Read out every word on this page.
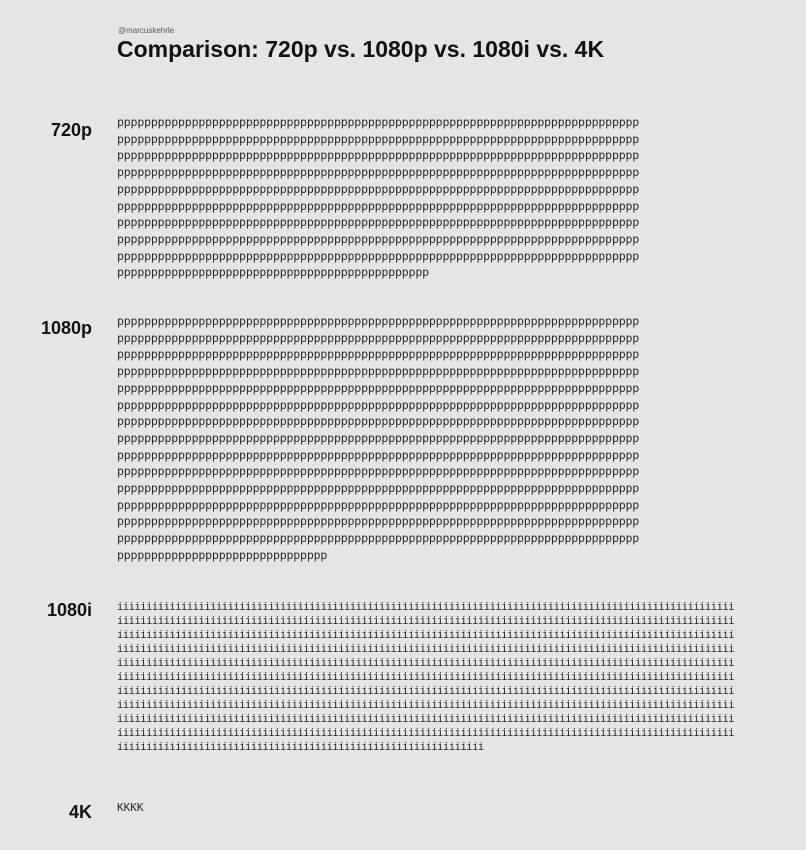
@marcuskehrle
Comparison: 720p vs. 1080p vs. 1080i vs. 4K
720p ppppppppppppppppppppppppppppppppppppppppppppppppppppppppppppppppppppppppppppp
ppppppppppppppppppppppppppppppppppppppppppppppppppppppppppppppppppppppppppppp
ppppppppppppppppppppppppppppppppppppppppppppppppppppppppppppppppppppppppppppp
ppppppppppppppppppppppppppppppppppppppppppppppppppppppppppppppppppppppppppppp
ppppppppppppppppppppppppppppppppppppppppppppppppppppppppppppppppppppppppppppp
ppppppppppppppppppppppppppppppppppppppppppppppppppppppppppppppppppppppppppppp
ppppppppppppppppppppppppppppppppppppppppppppppppppppppppppppppppppppppppppppp
ppppppppppppppppppppppppppppppppppppppppppppppppppppppppppppppppppppppppppppp
ppppppppppppppppppppppppppppppppppppppppppppppppppppppppppppppppppppppppppppp
pppppppppppppppppppppppppppppppppppppppppppppp
1080p ppppppppppppppppppppppppppppppppppppppppppppppppppppppppppppppppppppppppppppp
ppppppppppppppppppppppppppppppppppppppppppppppppppppppppppppppppppppppppppppp
ppppppppppppppppppppppppppppppppppppppppppppppppppppppppppppppppppppppppppppp
ppppppppppppppppppppppppppppppppppppppppppppppppppppppppppppppppppppppppppppp
ppppppppppppppppppppppppppppppppppppppppppppppppppppppppppppppppppppppppppppp
ppppppppppppppppppppppppppppppppppppppppppppppppppppppppppppppppppppppppppppp
ppppppppppppppppppppppppppppppppppppppppppppppppppppppppppppppppppppppppppppp
ppppppppppppppppppppppppppppppppppppppppppppppppppppppppppppppppppppppppppppp
ppppppppppppppppppppppppppppppppppppppppppppppppppppppppppppppppppppppppppppp
ppppppppppppppppppppppppppppppppppppppppppppppppppppppppppppppppppppppppppppp
ppppppppppppppppppppppppppppppppppppppppppppppppppppppppppppppppppppppppppppp
ppppppppppppppppppppppppppppppppppppppppppppppppppppppppppppppppppppppppppppp
ppppppppppppppppppppppppppppppppppppppppppppppppppppppppppppppppppppppppppppp
ppppppppppppppppppppppppppppppppppppppppppppppppppppppppppppppppppppppppppppp
ppppppppppppppppppppppppppppppp
1080i iiiiiiiiiiiiiiiiiiiiiiiiiiiiiiiiiiiiiiiiiiiiiiiiiiiiiiiiiiiiiiiiiiiiiiiiiiiiiiiiiiiiiiiiiiiiiiiiiiiiiiiiii
iiiiiiiiiiiiiiiiiiiiiiiiiiiiiiiiiiiiiiiiiiiiiiiiiiiiiiiiiiiiiiiiiiiiiiiiiiiiiiiiiiiiiiiiiiiiiiiiiiiiiiiiii
iiiiiiiiiiiiiiiiiiiiiiiiiiiiiiiiiiiiiiiiiiiiiiiiiiiiiiiiiiiiiiiiiiiiiiiiiiiiiiiiiiiiiiiiiiiiiiiiiiiiiiiiii
iiiiiiiiiiiiiiiiiiiiiiiiiiiiiiiiiiiiiiiiiiiiiiiiiiiiiiiiiiiiiiiiiiiiiiiiiiiiiiiiiiiiiiiiiiiiiiiiiiiiiiiiii
iiiiiiiiiiiiiiiiiiiiiiiiiiiiiiiiiiiiiiiiiiiiiiiiiiiiiiiiiiiiiiiiiiiiiiiiiiiiiiiiiiiiiiiiiiiiiiiiiiiiiiiiii
iiiiiiiiiiiiiiiiiiiiiiiiiiiiiiiiiiiiiiiiiiiiiiiiiiiiiiiiiiiiiiiiiiiiiiiiiiiiiiiiiiiiiiiiiiiiiiiiiiiiiiiiii
iiiiiiiiiiiiiiiiiiiiiiiiiiiiiiiiiiiiiiiiiiiiiiiiiiiiiiiiiiiiiiiiiiiiiiiiiiiiiiiiiiiiiiiiiiiiiiiiiiiiiiiiii
iiiiiiiiiiiiiiiiiiiiiiiiiiiiiiiiiiiiiiiiiiiiiiiiiiiiiiiiiiiiiiiiiiiiiiiiiiiiiiiiiiiiiiiiiiiiiiiiiiiiiiiiii
iiiiiiiiiiiiiiiiiiiiiiiiiiiiiiiiiiiiiiiiiiiiiiiiiiiiiiiiiiiiiiiiiiiiiiiiiiiiiiiiiiiiiiiiiiiiiiiiiiiiiiiiii
iiiiiiiiiiiiiiiiiiiiiiiiiiiiiiiiiiiiiiiiiiiiiiiiiiiiiiiiiiiiiiiiiiiiiiiiiiiiiiiiiiiiiiiiiiiiiiiiiiiiiiiiii
iiiiiiiiiiiiiiiiiiiiiiiiiiiiiiiiiiiiiiiiiiiiiiiiiiiiiiiiiiiiiii
4K KKKK
